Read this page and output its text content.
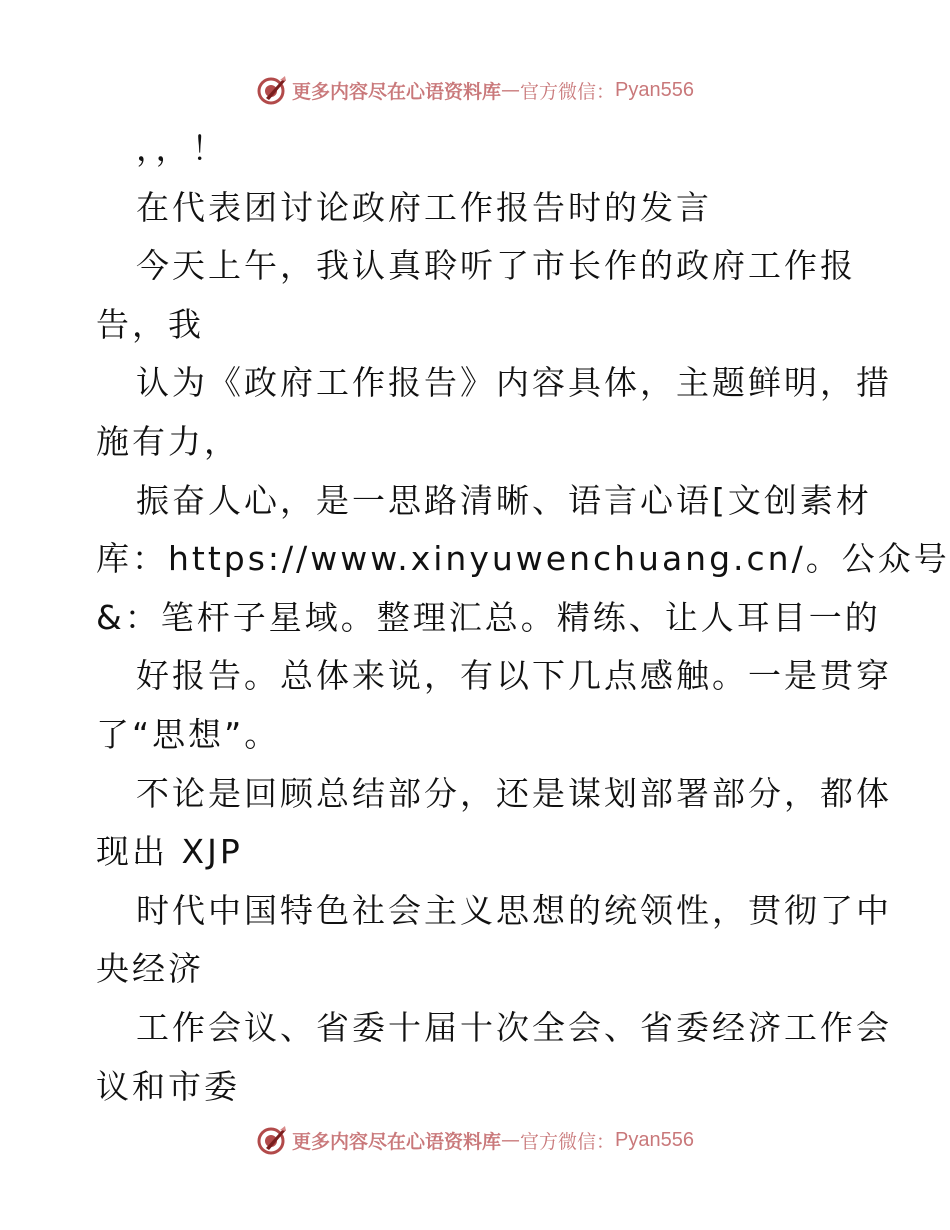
更多内容尽在心语资料库 — 官方微信： Pyan556
，，！
在代表团讨论政府工作报告时的发言
今天上午，我认真聆听了市长作的政府工作报
告，我
认为《政府工作报告》内容具体，主题鲜明，措
施有力，
振奋人心，是一思路清晰、语言心语[文创素材
库：https://www.xinyuwenchuang.cn/。公众号
&：笔杆子星域。整理汇总。精练、让人耳目一的
好报告。总体来说，有以下几点感触。一是贯穿
了“思想”。
不论是回顾总结部分，还是谋划部署部分，都体
现出 XJP
时代中国特色社会主义思想的统领性，贯彻了中
央经济
工作会议、省委十届十次全会、省委经济工作会
议和市委
更多内容尽在心语资料库 — 官方微信： Pyan556
